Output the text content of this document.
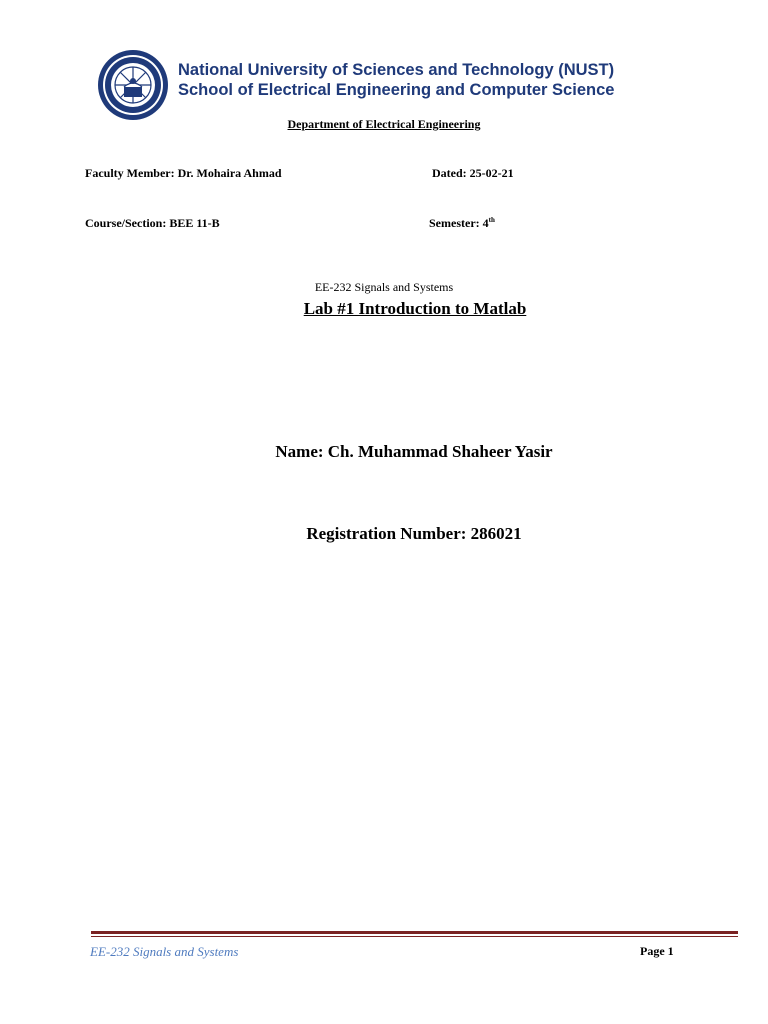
National University of Sciences and Technology (NUST)
School of Electrical Engineering and Computer Science
Department of Electrical Engineering
Faculty Member: Dr. Mohaira Ahmad	Dated: 25-02-21
Course/Section: BEE 11-B	Semester: 4th
EE-232 Signals and Systems
Lab #1 Introduction to Matlab
Name: Ch. Muhammad Shaheer Yasir
Registration Number: 286021
EE-232 Signals and Systems	Page 1
